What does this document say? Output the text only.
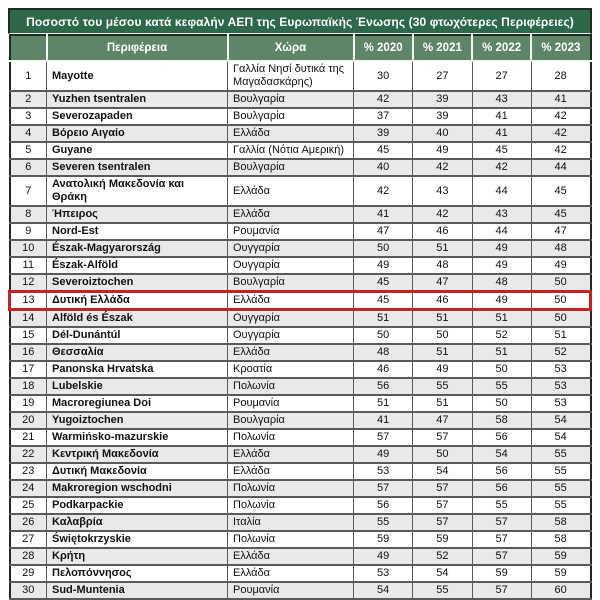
Ποσοστό του μέσου κατά κεφαλήν ΑΕΠ της Ευρωπαϊκής Ένωσης (30 φτωχότερες Περιφέρειες)
	Περιφέρεια	Χώρα	% 2020	% 2021	% 2022	% 2023
1	Mayotte	Γαλλία Νησί δυτικά της Μαγαδασκάρης)	30	27	27	28
2	Yuzhen tsentralen	Βουλγαρία	42	39	43	41
3	Severozapaden	Βουλγαρία	37	39	41	42
4	Βόρειο Αιγαίο	Ελλάδα	39	40	41	42
5	Guyane	Γαλλία (Νότια Αμερική)	45	49	45	42
6	Severen tsentralen	Βουλγαρία	40	42	42	44
7	Ανατολική Μακεδονία και Θράκη	Ελλάδα	42	43	44	45
8	Ήπειρος	Ελλάδα	41	42	43	45
9	Nord-Est	Ρουμανία	47	46	44	47
10	Észak-Magyarország	Ουγγαρία	50	51	49	48
11	Észak-Alföld	Ουγγαρία	49	48	49	49
12	Severoiztochen	Βουλγαρία	45	47	48	50
13	Δυτική Ελλάδα	Ελλάδα	45	46	49	50
14	Alföld és Észak	Ουγγαρία	51	51	51	50
15	Dél-Dunántúl	Ουγγαρία	50	50	52	51
16	Θεσσαλία	Ελλάδα	48	51	51	52
17	Panonska Hrvatska	Κροατία	46	49	50	53
18	Lubelskie	Πολωνία	56	55	55	53
19	Macroregiunea Doi	Ρουμανία	51	51	50	53
20	Yugoiztochen	Βουλγαρία	41	47	58	54
21	Warmińsko-mazurskie	Πολωνία	57	57	56	54
22	Κεντρική Μακεδονία	Ελλάδα	49	50	54	55
23	Δυτική Μακεδονία	Ελλάδα	53	54	56	55
24	Makroregion wschodni	Πολωνία	57	57	56	55
25	Podkarpackie	Πολωνία	56	57	55	55
26	Καλαβρία	Ιταλία	55	57	57	58
27	Świętokrzyskie	Πολωνία	59	59	57	58
28	Κρήτη	Ελλάδα	49	52	57	59
29	Πελοπόννησος	Ελλάδα	53	54	59	59
30	Sud-Muntenia	Ρουμανία	54	55	57	60
